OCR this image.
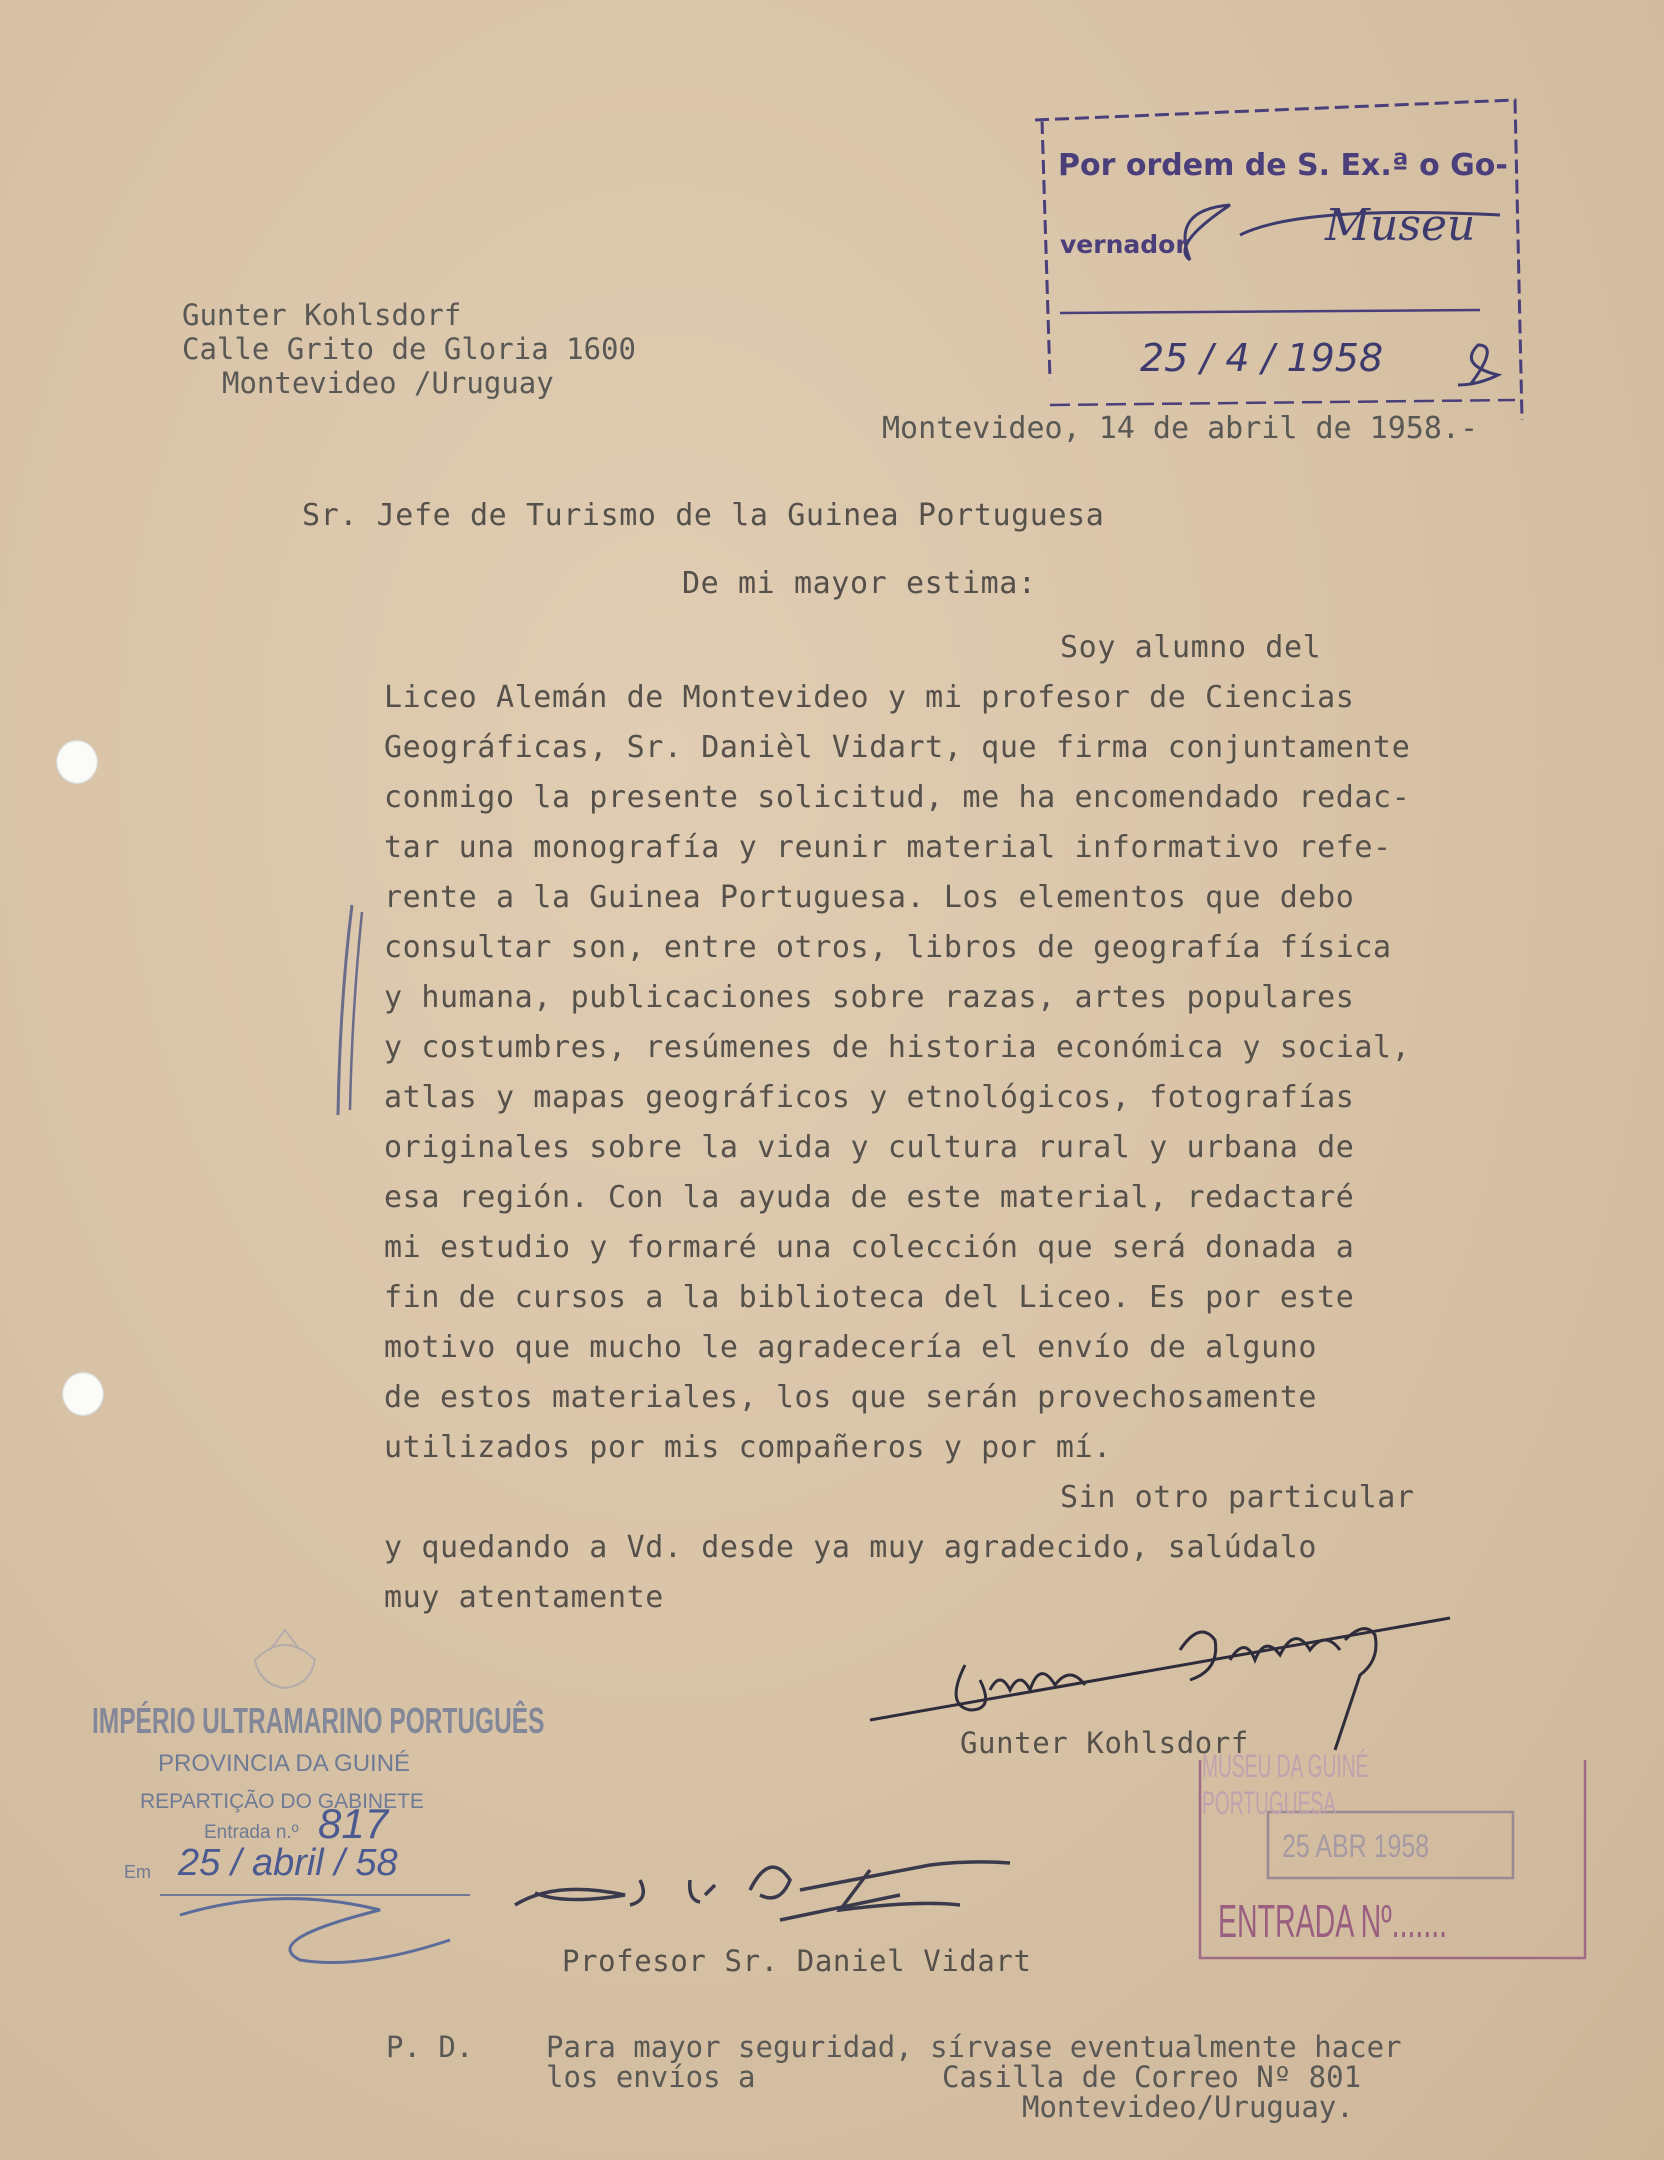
Gunter Kohlsdorf
Calle Grito de Gloria 1600
Montevideo /Uruguay
Montevideo, 14 de abril de 1958.-
Sr. Jefe de Turismo de la Guinea Portuguesa
De mi mayor estima:
Soy alumno del
Liceo Alemán de Montevideo y mi profesor de Ciencias
Geográficas, Sr. Danièl Vidart, que firma conjuntamente
conmigo la presente solicitud, me ha encomendado redac-
tar una monografía y reunir material informativo refe-
rente a la Guinea Portuguesa. Los elementos que debo
consultar son, entre otros, libros de geografía física
y humana, publicaciones sobre razas, artes populares
y costumbres, resúmenes de historia económica y social,
atlas y mapas geográficos y etnológicos, fotografías
originales sobre la vida y cultura rural y urbana de
esa región. Con la ayuda de este material, redactaré
mi estudio y formaré una colección que será donada a
fin de cursos a la biblioteca del Liceo. Es por este
motivo que mucho le agradecería el envío de alguno
de estos materiales, los que serán provechosamente
utilizados por mis compañeros y por mí.
Sin otro particular
y quedando a Vd. desde ya muy agradecido, salúdalo
muy atentamente
Gunter Kohlsdorf
Profesor Sr. Daniel Vidart
P. D.	Para mayor seguridad, sírvase eventualmente hacer
los envíos a	Casilla de Correo Nº 801
Montevideo/Uruguay.
Por ordem de S. Ex.ª o Go-
vernador	Museu
25 / 4 / 1958
IMPÉRIO ULTRAMARINO PORTUGUÊS
PROVINCIA DA GUINÉ
REPARTIÇÃO DO GABINETE
Entrada n.º 817
Em 25 / abril / 58
MUSEU DA GUINÉ PORTUGUESA
25 ABR 1958
ENTRADA Nº.......
